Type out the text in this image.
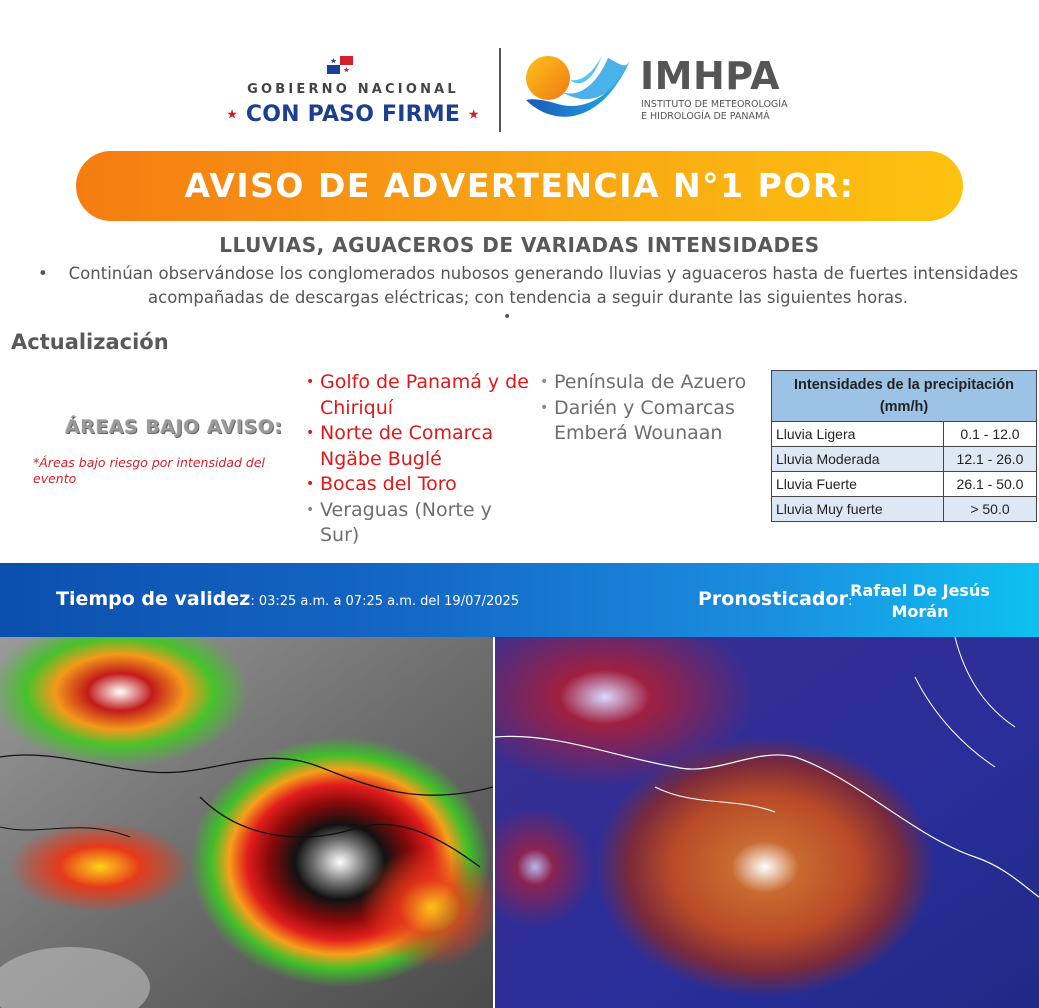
GOBIERNO NACIONAL
★ CON PASO FIRME ★
IMHPA
INSTITUTO DE METEOROLOGÍA
E HIDROLOGÍA DE PANAMÁ
AVISO DE ADVERTENCIA N°1 POR:
LLUVIAS, AGUACEROS DE VARIADAS INTENSIDADES
•    Continúan observándose los conglomerados nubosos generando lluvias y aguaceros hasta de fuertes intensidades acompañadas de descargas eléctricas; con tendencia a seguir durante las siguientes horas.
•
Actualización
ÁREAS BAJO AVISO:
*Áreas bajo riesgo por intensidad del evento
• Golfo de Panamá y de Chiriquí
• Norte de Comarca Ngäbe Buglé
• Bocas del Toro
• Veraguas (Norte y Sur)
• Península de Azuero
• Darién y Comarcas Emberá Wounaan
Intensidades de la precipitación (mm/h)	
Lluvia Ligera	0.1 - 12.0
Lluvia Moderada	12.1 - 26.0
Lluvia Fuerte	26.1 - 50.0
Lluvia Muy fuerte	> 50.0
Tiempo de validez: 03:25 a.m. a 07:25 a.m. del 19/07/2025	Pronosticador:
Rafael De Jesús Morán
